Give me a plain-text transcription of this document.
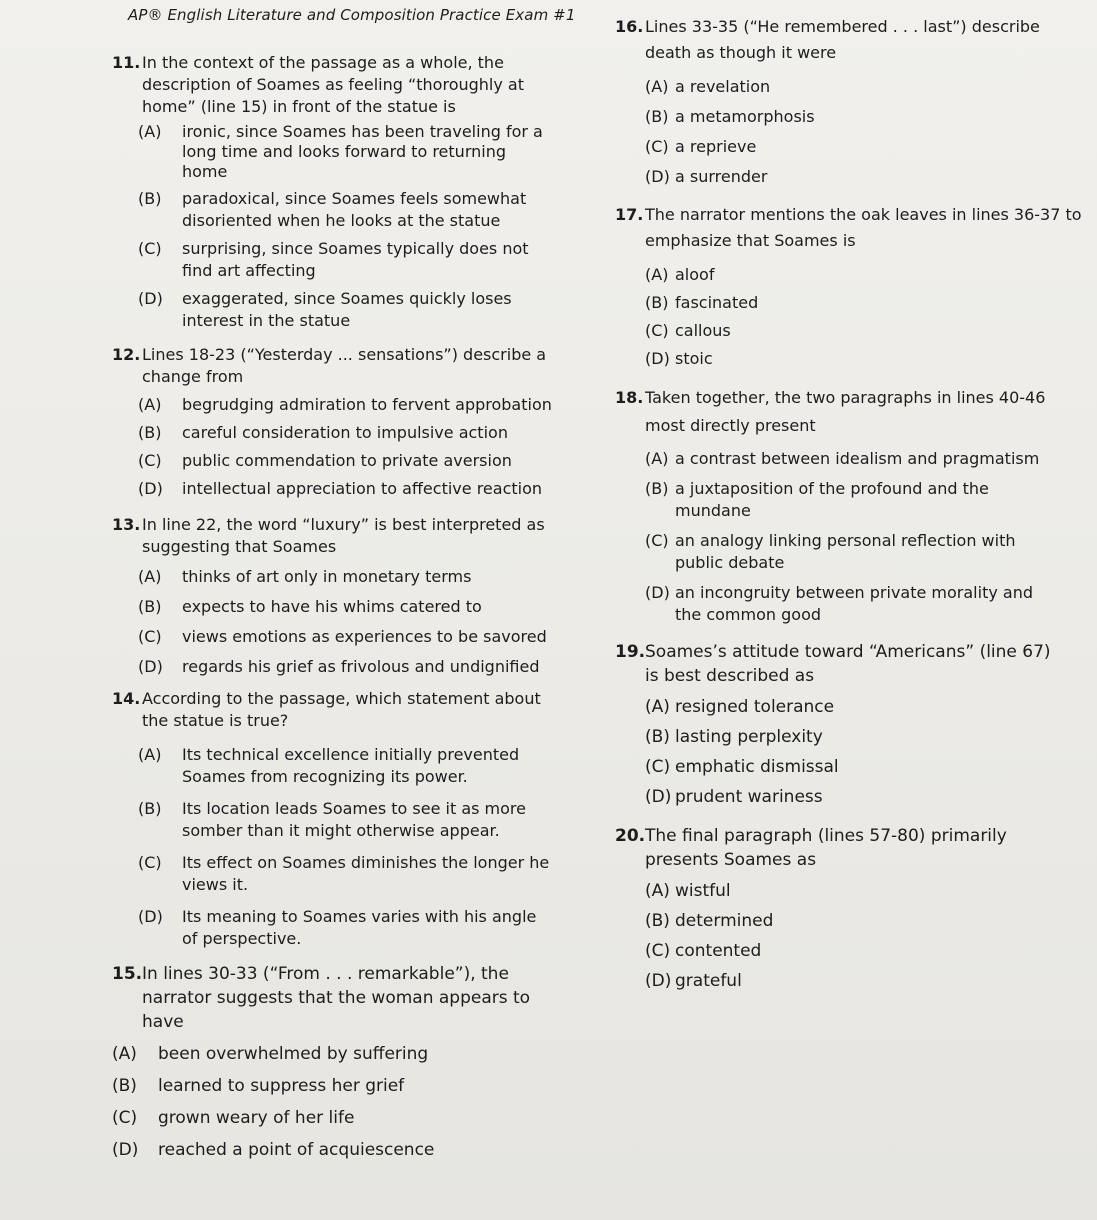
AP® English Literature and Composition Practice Exam #1
11. In the context of the passage as a whole, the description of Soames as feeling “thoroughly at home” (line 15) in front of the statue is
(A) ironic, since Soames has been traveling for a long time and looks forward to returning home
(B) paradoxical, since Soames feels somewhat disoriented when he looks at the statue
(C) surprising, since Soames typically does not find art affecting
(D) exaggerated, since Soames quickly loses interest in the statue
12. Lines 18-23 (“Yesterday ... sensations”) describe a change from
(A) begrudging admiration to fervent approbation
(B) careful consideration to impulsive action
(C) public commendation to private aversion
(D) intellectual appreciation to affective reaction
13. In line 22, the word “luxury” is best interpreted as suggesting that Soames
(A) thinks of art only in monetary terms
(B) expects to have his whims catered to
(C) views emotions as experiences to be savored
(D) regards his grief as frivolous and undignified
14. According to the passage, which statement about the statue is true?
(A) Its technical excellence initially prevented Soames from recognizing its power.
(B) Its location leads Soames to see it as more somber than it might otherwise appear.
(C) Its effect on Soames diminishes the longer he views it.
(D) Its meaning to Soames varies with his angle of perspective.
15. In lines 30-33 (“From . . . remarkable”), the narrator suggests that the woman appears to have
(A) been overwhelmed by suffering
(B) learned to suppress her grief
(C) grown weary of her life
(D) reached a point of acquiescence
16. Lines 33-35 (“He remembered . . . last”) describe death as though it were
(A) a revelation
(B) a metamorphosis
(C) a reprieve
(D) a surrender
17. The narrator mentions the oak leaves in lines 36-37 to emphasize that Soames is
(A) aloof
(B) fascinated
(C) callous
(D) stoic
18. Taken together, the two paragraphs in lines 40-46 most directly present
(A) a contrast between idealism and pragmatism
(B) a juxtaposition of the profound and the mundane
(C) an analogy linking personal reflection with public debate
(D) an incongruity between private morality and the common good
19. Soames’s attitude toward “Americans” (line 67) is best described as
(A) resigned tolerance
(B) lasting perplexity
(C) emphatic dismissal
(D) prudent wariness
20. The final paragraph (lines 57-80) primarily presents Soames as
(A) wistful
(B) determined
(C) contented
(D) grateful
